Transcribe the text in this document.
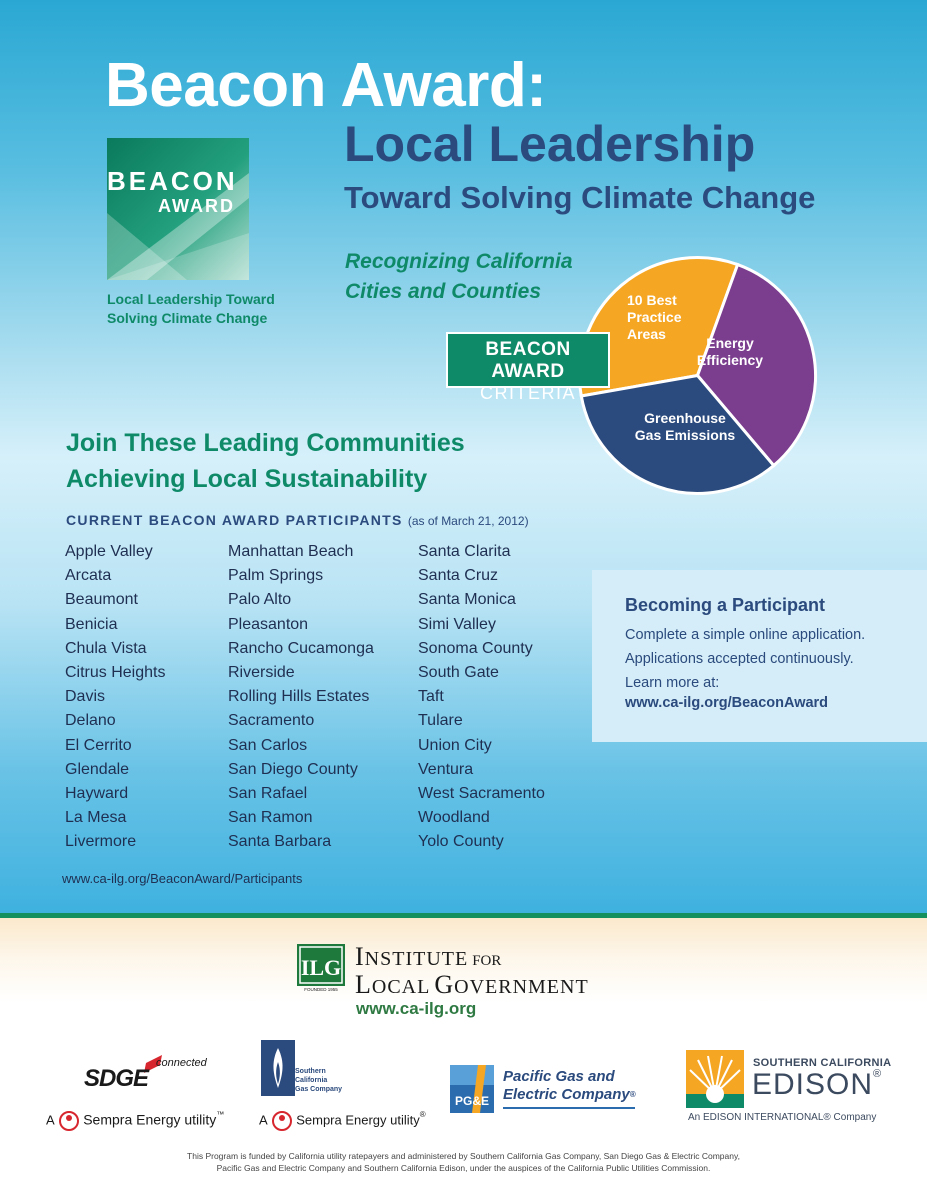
Beacon Award:
Local Leadership
Toward Solving Climate Change
BEACON
AWARD
Local Leadership Toward
Solving Climate Change
Recognizing California
Cities and Counties	10 Best Practice Areas
Energy Efficiency
Greenhouse Gas Emissions
BEACON AWARD
CRITERIA
Join These Leading Communities
Achieving Local Sustainability
CURRENT BEACON AWARD PARTICIPANTS (as of March 21, 2012)
Apple Valley
Arcata
Beaumont
Benicia
Chula Vista
Citrus Heights
Davis
Delano
El Cerrito
Glendale
Hayward
La Mesa
Livermore
Manhattan Beach
Palm Springs
Palo Alto
Pleasanton
Rancho Cucamonga
Riverside
Rolling Hills Estates
Sacramento
San Carlos
San Diego County
San Rafael
San Ramon
Santa Barbara
Santa Clarita
Santa Cruz
Santa Monica
Simi Valley
Sonoma County
South Gate
Taft
Tulare
Union City
Ventura
West Sacramento
Woodland
Yolo County
www.ca-ilg.org/BeaconAward/Participants
Becoming a Participant
Complete a simple online application.
Applications accepted continuously.
Learn more at:
www.ca-ilg.org/BeaconAward
ILG
FOUNDED 1955
INSTITUTE FOR
LOCAL GOVERNMENT
www.ca-ilg.org
SDGE
connected
A Sempra Energy utility™
Southern
California
Gas Company
A Sempra Energy utility®
PG&E
Pacific Gas and
Electric Company®
SOUTHERN CALIFORNIA
EDISON®
An EDISON INTERNATIONAL® Company
This Program is funded by California utility ratepayers and administered by Southern California Gas Company, San Diego Gas & Electric Company,
Pacific Gas and Electric Company and Southern California Edison, under the auspices of the California Public Utilities Commission.
